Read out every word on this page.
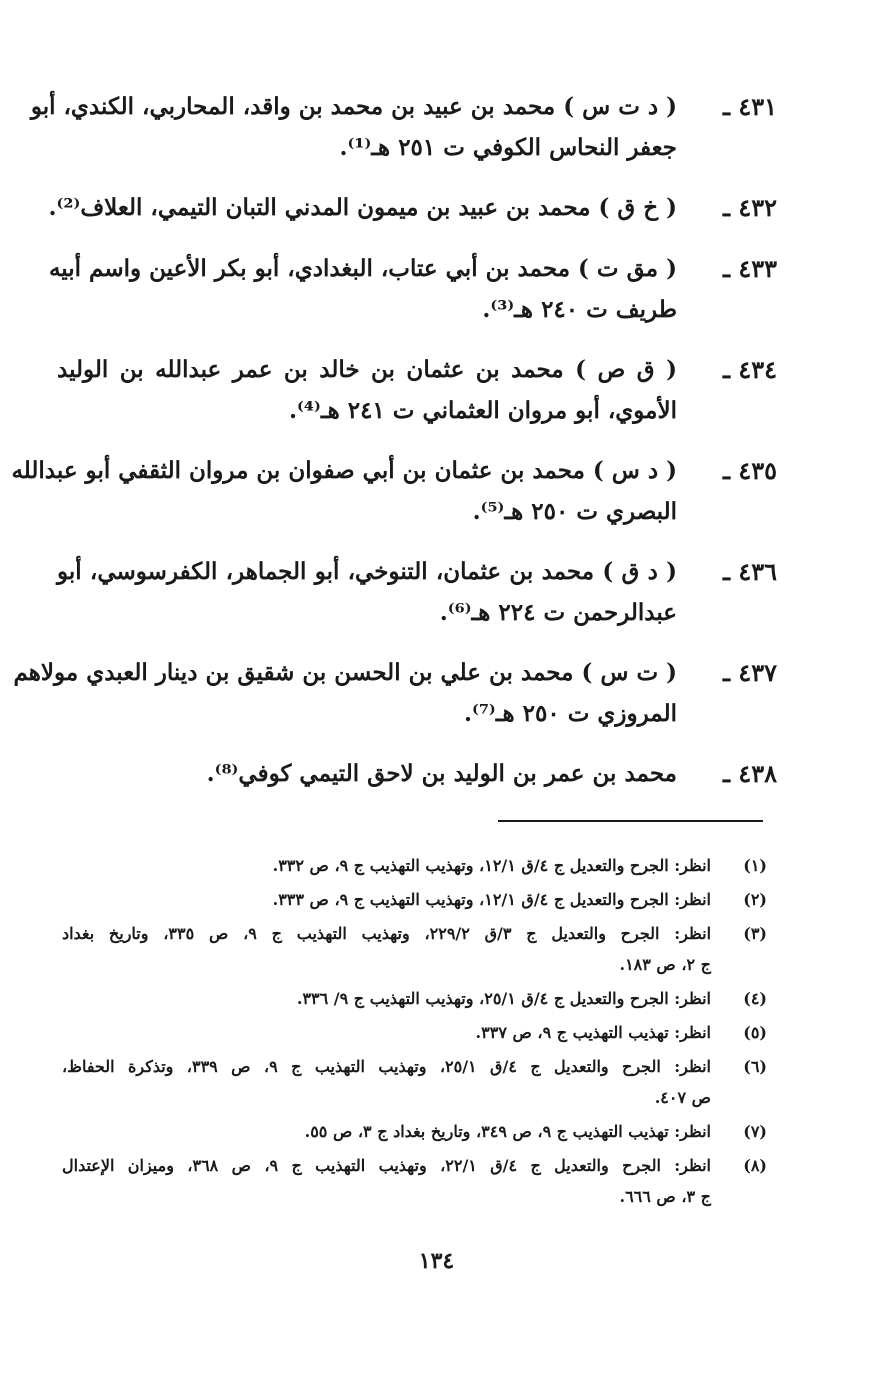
٤٣١ ـ
( د ت س ) محمد بن عبيد بن محمد بن واقد، المحاربي، الكندي، أبو
جعفر النحاس الكوفي ت ٢٥١ هـ⁽¹⁾.
٤٣٢ ـ
( خ ق ) محمد بن عبيد بن ميمون المدني التبان التيمي، العلاف⁽²⁾.
٤٣٣ ـ
( مق ت ) محمد بن أبي عتاب، البغدادي، أبو بكر الأعين واسم أبيه
طريف ت ٢٤٠ هـ⁽³⁾.
٤٣٤ ـ
( ق ص ) محمد بن عثمان بن خالد بن عمر عبدالله بن الوليد
الأموي، أبو مروان العثماني ت ٢٤١ هـ⁽⁴⁾.
٤٣٥ ـ
( د س ) محمد بن عثمان بن أبي صفوان بن مروان الثقفي أبو عبدالله
البصري ت ٢٥٠ هـ⁽⁵⁾.
٤٣٦ ـ
( د ق ) محمد بن عثمان، التنوخي، أبو الجماهر، الكفرسوسي، أبو
عبدالرحمن ت ٢٢٤ هـ⁽⁶⁾.
٤٣٧ ـ
( ت س ) محمد بن علي بن الحسن بن شقيق بن دينار العبدي مولاهم
المروزي ت ٢٥٠ هـ⁽⁷⁾.
٤٣٨ ـ
محمد بن عمر بن الوليد بن لاحق التيمي كوفي⁽⁸⁾.
(١)
انظر: الجرح والتعديل ج ٤/ق ١٢/١، وتهذيب التهذيب ج ٩، ص ٣٣٢.
(٢)
انظر: الجرح والتعديل ج ٤/ق ١٢/١، وتهذيب التهذيب ج ٩، ص ٣٣٣.
(٣)
انظر: الجرح والتعديل ج ٣/ق ٢٢٩/٢، وتهذيب التهذيب ج ٩، ص ٣٣٥، وتاريخ بغداد
ج ٢، ص ١٨٣.
(٤)
انظر: الجرح والتعديل ج ٤/ق ٢٥/١، وتهذيب التهذيب ج ٩/ ٣٣٦.
(٥)
انظر: تهذيب التهذيب ج ٩، ص ٣٣٧.
(٦)
انظر: الجرح والتعديل ج ٤/ق ٢٥/١، وتهذيب التهذيب ج ٩، ص ٣٣٩، وتذكرة الحفاظ،
ص ٤٠٧.
(٧)
انظر: تهذيب التهذيب ج ٩، ص ٣٤٩، وتاريخ بغداد ج ٣، ص ٥٥.
(٨)
انظر: الجرح والتعديل ج ٤/ق ٢٢/١، وتهذيب التهذيب ج ٩، ص ٣٦٨، وميزان الإعتدال
ج ٣، ص ٦٦٦.
١٣٤
